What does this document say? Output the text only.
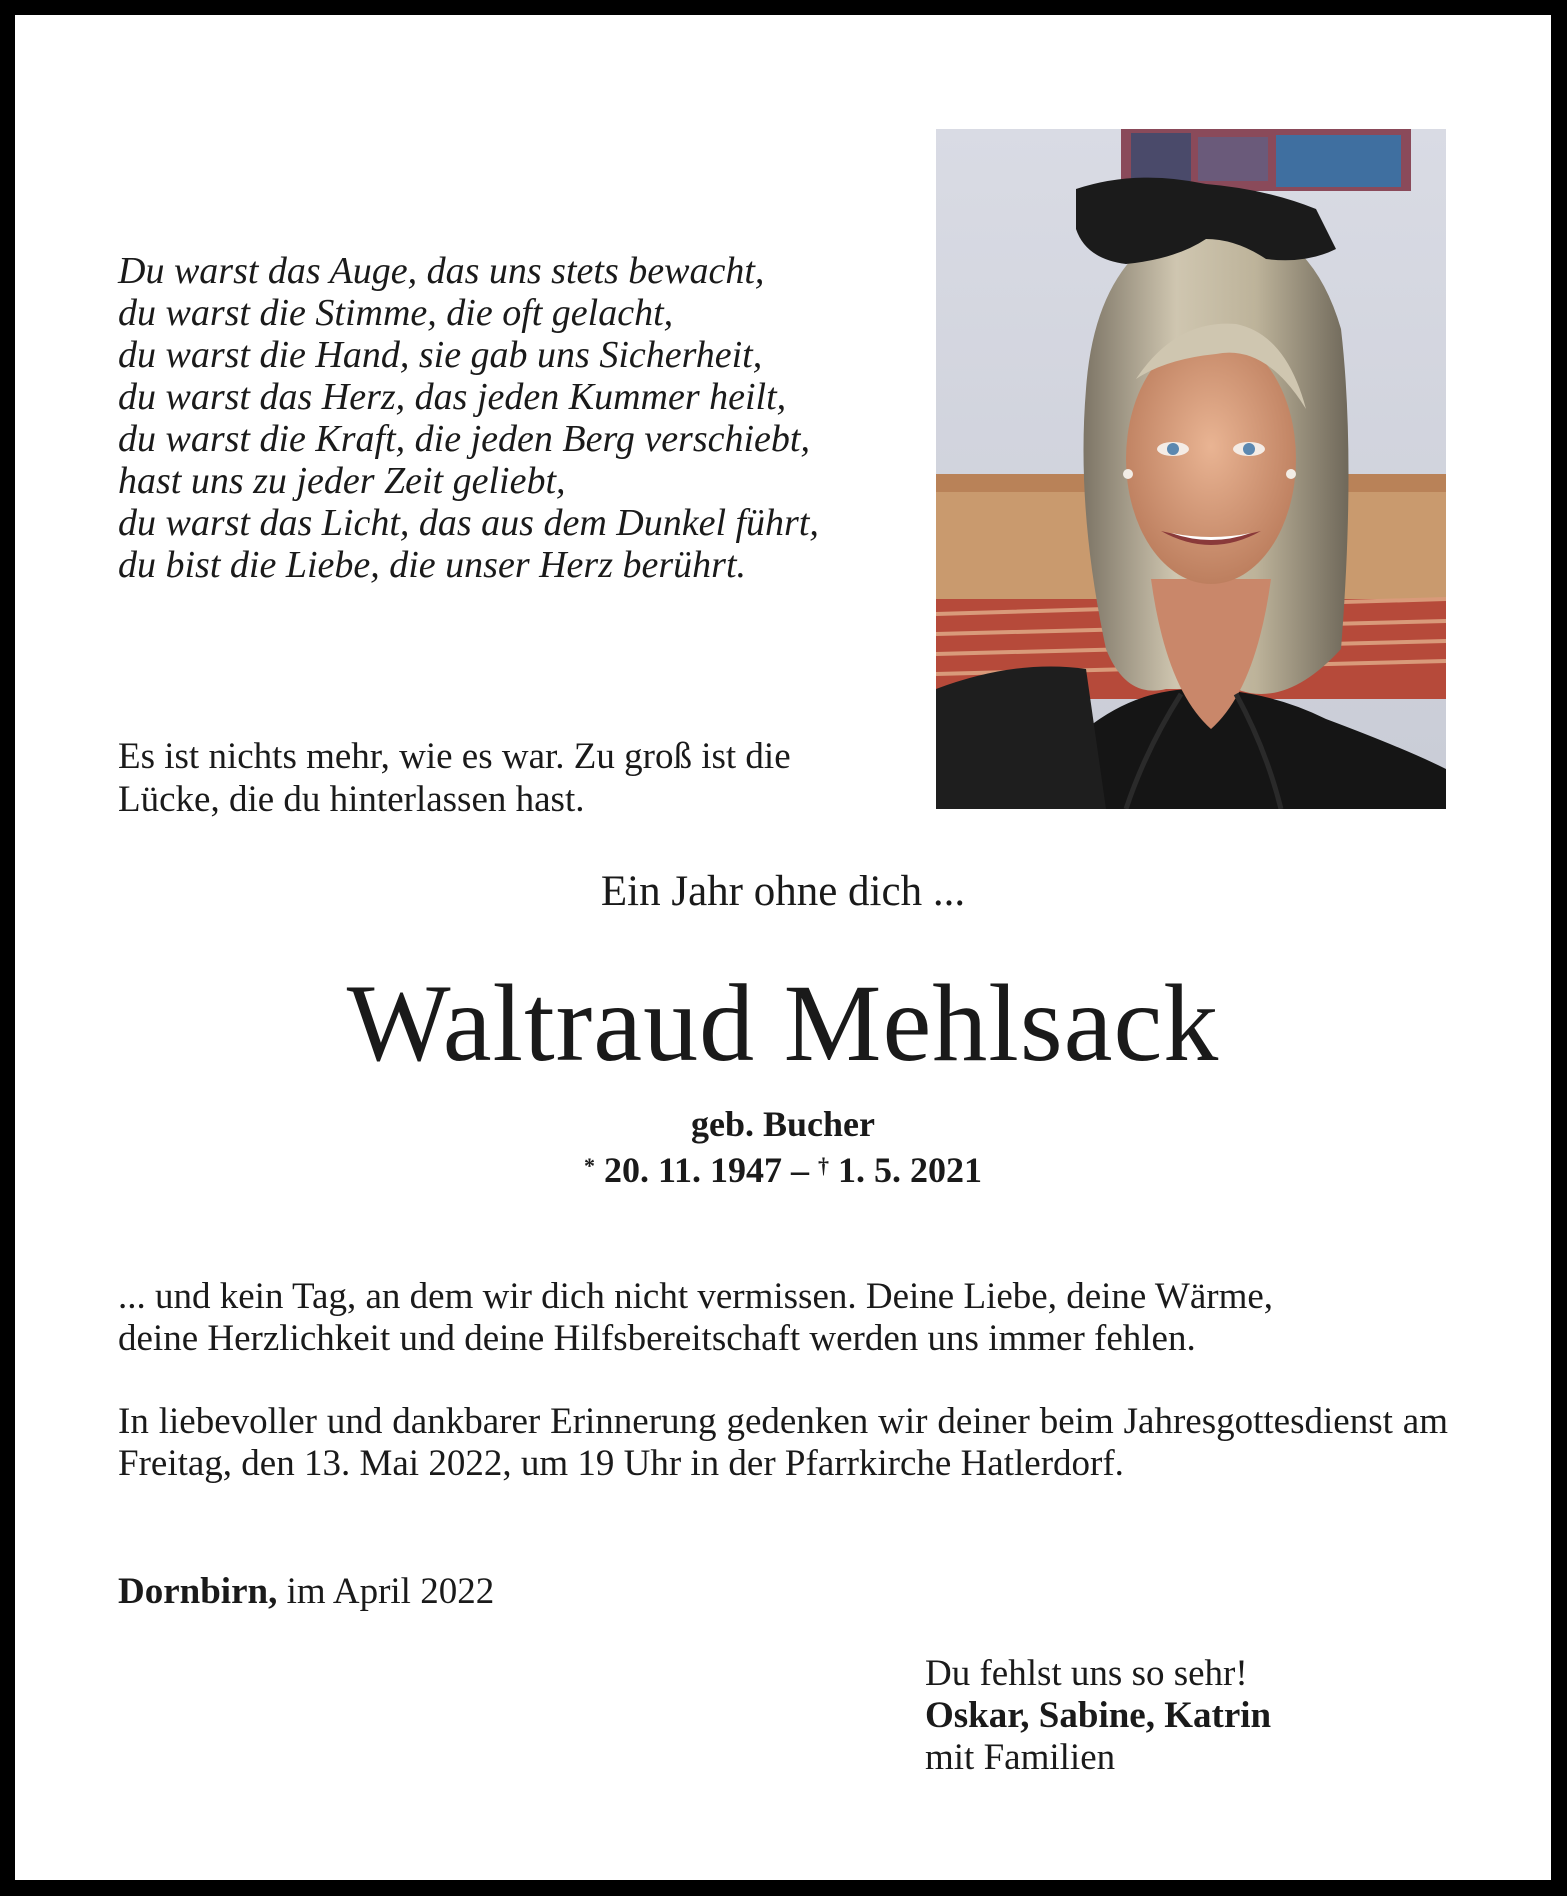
Du warst das Auge, das uns stets bewacht,
du warst die Stimme, die oft gelacht,
du warst die Hand, sie gab uns Sicherheit,
du warst das Herz, das jeden Kummer heilt,
du warst die Kraft, die jeden Berg verschiebt,
hast uns zu jeder Zeit geliebt,
du warst das Licht, das aus dem Dunkel führt,
du bist die Liebe, die unser Herz berührt.
Es ist nichts mehr, wie es war. Zu groß ist die
Lücke, die du hinterlassen hast.
Ein Jahr ohne dich ...
Waltraud Mehlsack
geb. Bucher
* 20. 11. 1947 – † 1. 5. 2021
... und kein Tag, an dem wir dich nicht vermissen. Deine Liebe, deine Wärme,
deine Herzlichkeit und deine Hilfsbereitschaft werden uns immer fehlen.
In liebevoller und dankbarer Erinnerung gedenken wir deiner beim Jahresgottesdienst am Freitag, den 13. Mai 2022, um 19 Uhr in der Pfarrkirche Hatlerdorf.
Dornbirn, im April 2022
Du fehlst uns so sehr!
Oskar, Sabine, Katrin
mit Familien
